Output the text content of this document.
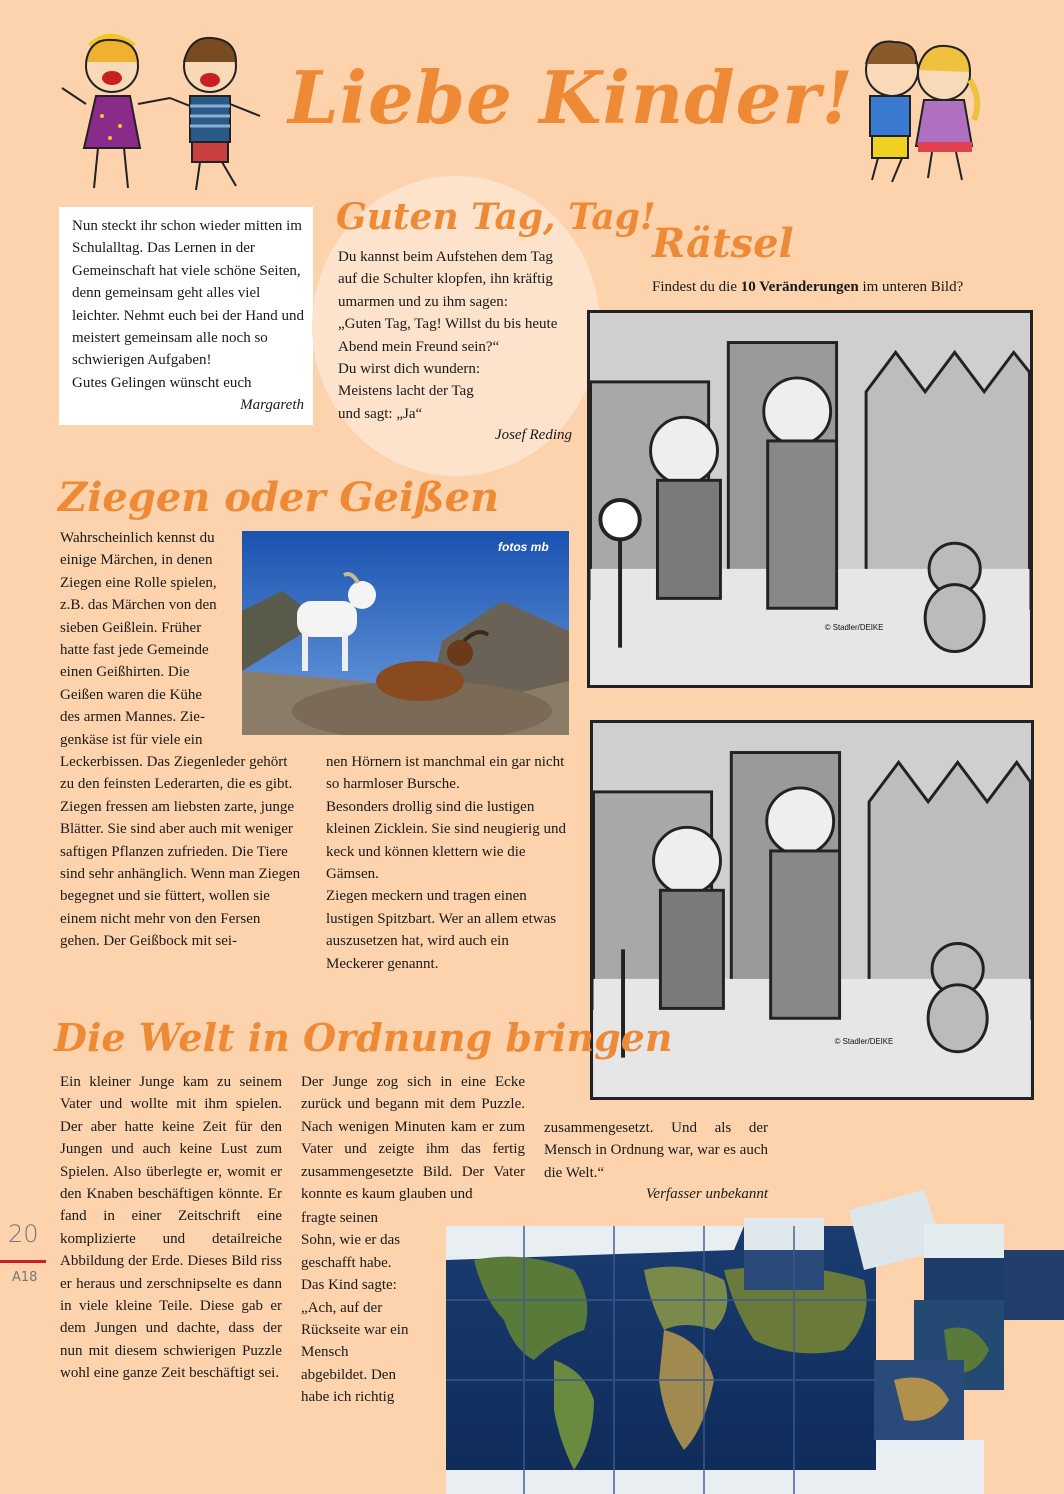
Liebe Kinder!

Nun steckt ihr schon wieder mitten im Schulalltag. Das Lernen in der Gemeinschaft hat viele schöne Seiten, denn gemeinsam geht alles viel leichter. Nehmt euch bei der Hand und meistert gemeinsam alle noch so schwierigen Aufgaben!

Gutes Gelingen wünscht euch

Margareth

Guten Tag, Tag!

Du kannst beim Aufstehen dem Tag

auf die Schulter klopfen, ihn kräftig

umarmen und zu ihm sagen:

„Guten Tag, Tag! Willst du bis heute

Abend mein Freund sein?“

Du wirst dich wundern:

Meistens lacht der Tag

und sagt: „Ja“

Josef Reding
Rätsel
Findest du die 10 Veränderungen im unteren Bild?
© Stadler/DEIKE
© Stadler/DEIKE
Ziegen oder Geißen
fotos mb

Wahrscheinlich kennst du

einige Märchen, in denen

Ziegen eine Rolle spielen,

z.B. das Märchen von den

sieben Geißlein. Früher

hatte fast jede Gemeinde

einen Geißhirten. Die

Geißen waren die Kühe

des armen Mannes. Zie-

genkäse ist für viele ein

Leckerbissen. Das Ziegenleder gehört zu den feinsten Lederarten, die es gibt.

Ziegen fressen am liebsten zarte, junge Blätter. Sie sind aber auch mit weniger saftigen Pflanzen zufrieden. Die Tiere sind sehr anhänglich. Wenn man Ziegen begegnet und sie füttert, wollen sie einem nicht mehr von den Fersen gehen. Der Geißbock mit sei-

nen Hörnern ist manchmal ein gar nicht so harmloser Bursche.

Besonders drollig sind die lustigen kleinen Zicklein. Sie sind neugierig und keck und können klettern wie die Gämsen.

Ziegen meckern und tragen einen lustigen Spitzbart. Wer an allem etwas auszusetzen hat, wird auch ein Meckerer genannt.

Die Welt in Ordnung bringen
Ein kleiner Junge kam zu seinem Vater und wollte mit ihm spielen. Der aber hatte keine Zeit für den Jungen und auch keine Lust zum Spielen. Also überlegte er, womit er den Knaben beschäftigen könnte. Er fand in einer Zeitschrift eine komplizierte und detailreiche Abbildung der Erde. Dieses Bild riss er heraus und zerschnipselte es dann in viele kleine Teile. Diese gab er dem Jungen und dachte, dass der nun mit diesem schwierigen Puzzle wohl eine ganze Zeit beschäftigt sei.
Der Junge zog sich in eine Ecke zurück und begann mit dem Puzzle. Nach wenigen Minuten kam er zum Vater und zeigte ihm das fertig zusammengesetzte Bild. Der Vater konnte es kaum glauben und
fragte seinen Sohn, wie er das geschafft habe. Das Kind sagte: „Ach, auf der Rückseite war ein Mensch abgebildet. Den habe ich richtig
zusammengesetzt. Und als der Mensch in Ordnung war, war es auch die Welt.“
Verfasser unbekannt
20
A18
